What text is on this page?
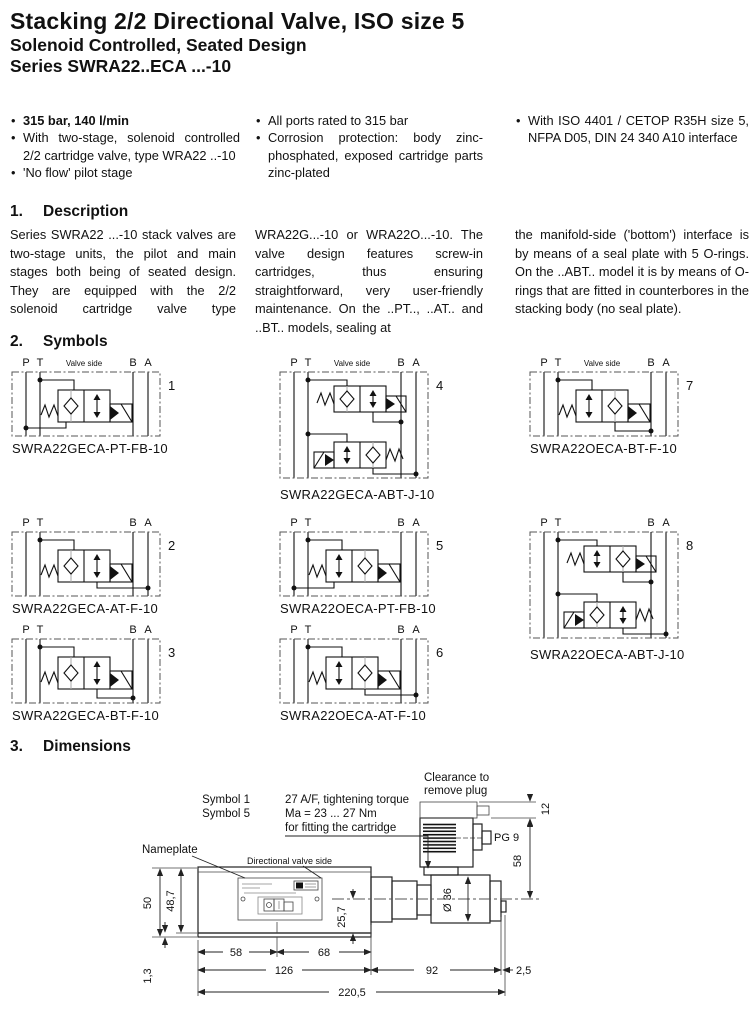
Stacking 2/2 Directional Valve, ISO size 5
Solenoid Controlled, Seated Design
Series SWRA22..ECA ...-10
• 315 bar, 140 l/min
• With two-stage, solenoid controlled 2/2 cartridge valve, type WRA22 ..-10
• 'No flow' pilot stage
• All ports rated to 315 bar
• Corrosion protection: body zinc-phosphated, exposed cartridge parts zinc-plated
• With ISO 4401 / CETOP R35H size 5, NFPA D05, DIN 24 340 A10 interface
1. Description

Series SWRA22 ...-10 stack valves are two-stage units, the pilot and main stages both being of seated design. They are equipped with the 2/2 solenoid cartridge valve type

WRA22G...-10 or WRA22O...-10. The valve design features screw-in cartridges, thus ensuring straightforward, very user-friendly maintenance. On the ..PT.., ..AT.. and ..BT.. models, sealing at

the manifold-side ('bottom') interface is by means of a seal plate with 5 O-rings. On the ..ABT.. model it is by means of O-rings that are fitted in counterbores in the stacking body (no seal plate).

2. Symbols
P T	B A
Valve side
1
SWRA22GECA-PT-FB-10
P T	B A
2
SWRA22GECA-AT-F-10
P T	B A
3
SWRA22GECA-BT-F-10
P T	B A
Valve side
4
SWRA22GECA-ABT-J-10
P T	B A
5
SWRA22OECA-PT-FB-10
P T	B A
6
SWRA22OECA-AT-F-10
P T	B A
Valve side
7
SWRA22OECA-BT-F-10
P T	B A
8
SWRA22OECA-ABT-J-10
3. Dimensions
Clearance to
remove plug
Symbol 1
Symbol 5
27 A/F, tightening torque
Ma = 23 ... 27 Nm
for fitting the cartridge
Nameplate
Directional valve side
PG 9
12
58
Ø 36
50 48,7
25,7
1,3
58	68
126	92	2,5
220,5
